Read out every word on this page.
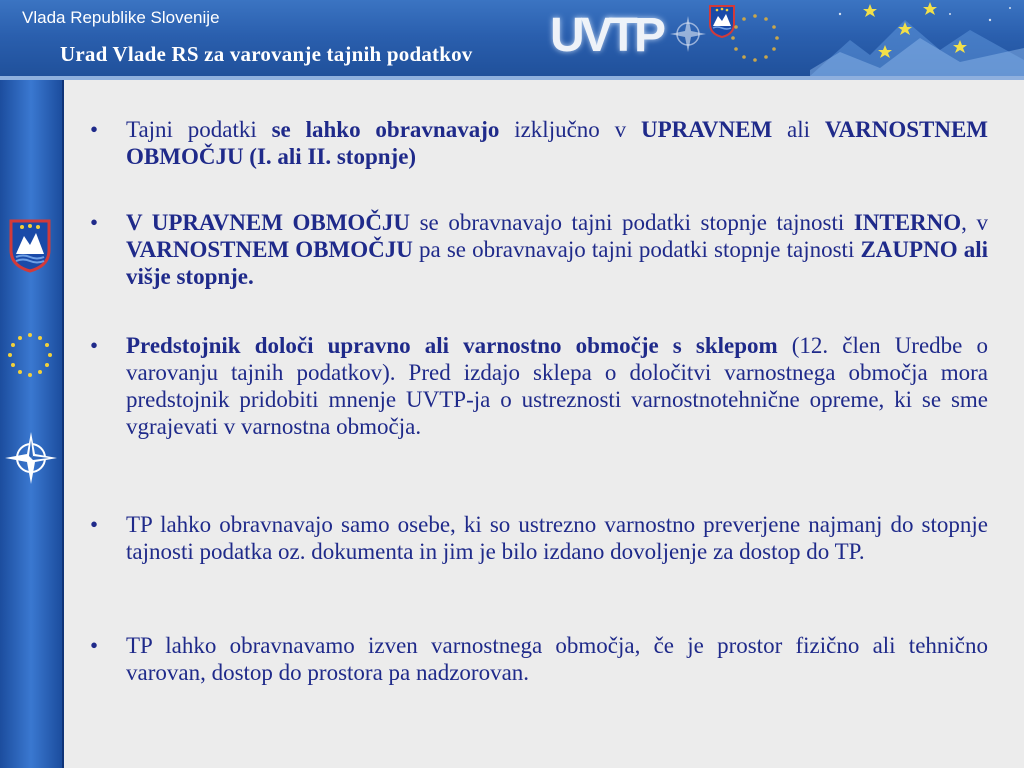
Vlada Republike Slovenije
Urad Vlade RS za varovanje tajnih podatkov UVTP
• Tajni podatki se lahko obravnavajo izključno v UPRAVNEM ali VARNOSTNEM OBMOČJU (I. ali II. stopnje)
• V UPRAVNEM OBMOČJU se obravnavajo tajni podatki stopnje tajnosti INTERNO, v VARNOSTNEM OBMOČJU pa se obravnavajo tajni podatki stopnje tajnosti ZAUPNO ali višje stopnje.
• Predstojnik določi upravno ali varnostno območje s sklepom (12. člen Uredbe o varovanju tajnih podatkov). Pred izdajo sklepa o določitvi varnostnega območja mora predstojnik pridobiti mnenje UVTP-ja o ustreznosti varnostnotehnične opreme, ki se sme vgrajevati v varnostna območja.
• TP lahko obravnavajo samo osebe, ki so ustrezno varnostno preverjene najmanj do stopnje tajnosti podatka oz. dokumenta in jim je bilo izdano dovoljenje za dostop do TP.
• TP lahko obravnavamo izven varnostnega območja, če je prostor fizično ali tehnično varovan, dostop do prostora pa nadzorovan.
